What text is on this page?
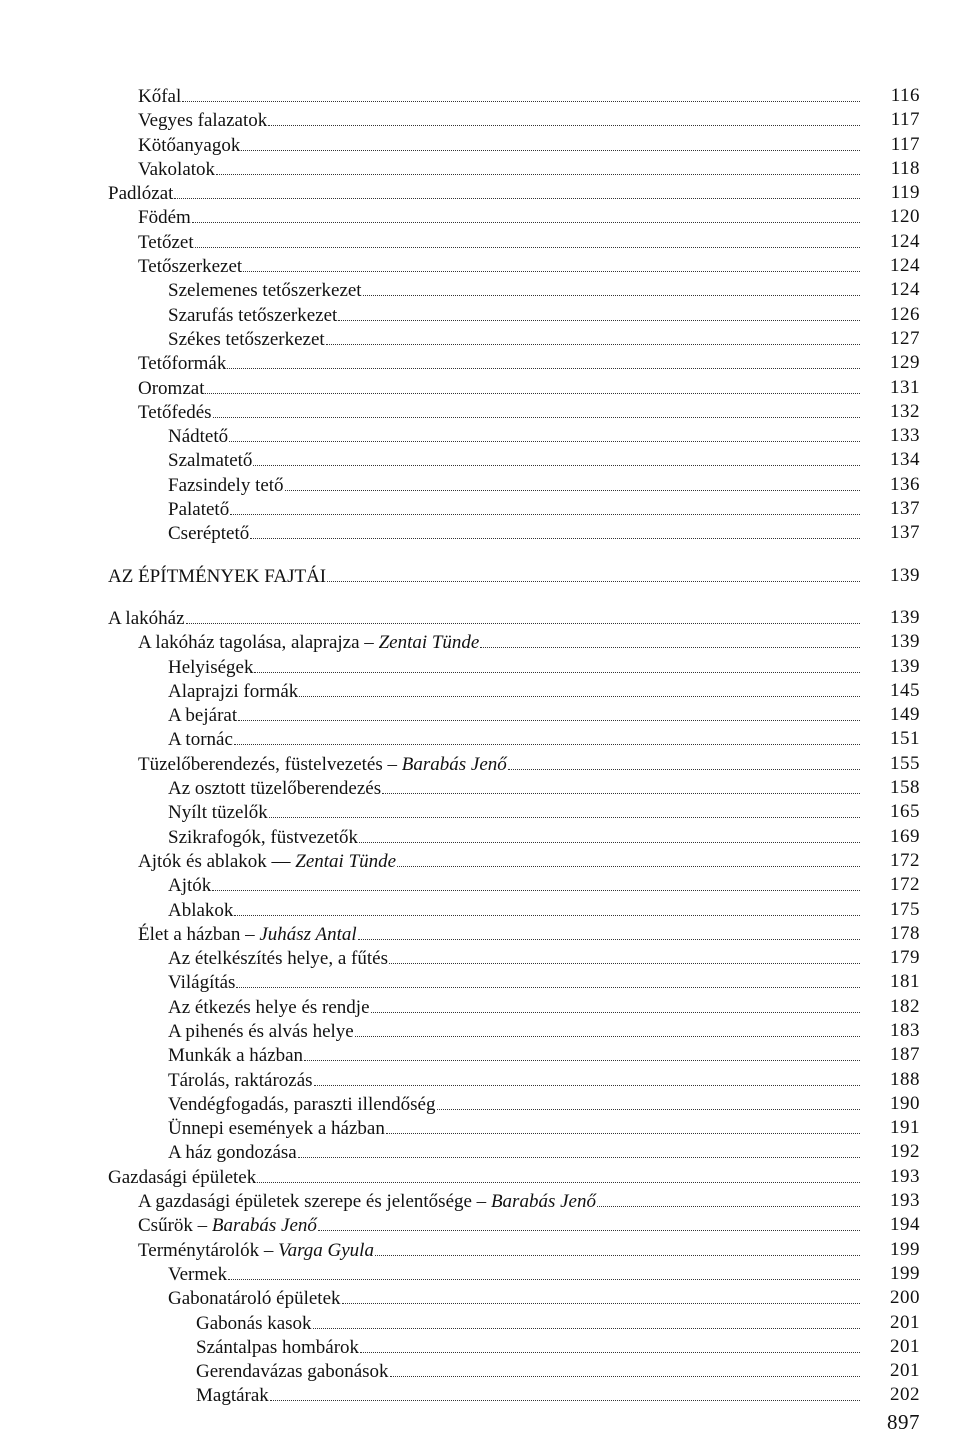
Kőfal	116
Vegyes falazatok	117
Kötőanyagok	117
Vakolatok	118
Padlózat	119
Födém	120
Tetőzet	124
Tetőszerkezet	124
Szelemenes tetőszerkezet	124
Szarufás tetőszerkezet	126
Székes tetőszerkezet	127
Tetőformák	129
Oromzat	131
Tetőfedés	132
Nádtető	133
Szalmatető	134
Fazsindely tető	136
Palatető	137
Cseréptető	137
AZ ÉPÍTMÉNYEK FAJTÁI	139
A lakóház	139
A lakóház tagolása, alaprajza – Zentai Tünde	139
Helyiségek	139
Alaprajzi formák	145
A bejárat	149
A tornác	151
Tüzelőberendezés, füstelvezetés – Barabás Jenő	155
Az osztott tüzelőberendezés	158
Nyílt tüzelők	165
Szikrafogók, füstvezetők	169
Ajtók és ablakok — Zentai Tünde	172
Ajtók	172
Ablakok	175
Élet a házban – Juhász Antal	178
Az ételkészítés helye, a fűtés	179
Világítás	181
Az étkezés helye és rendje	182
A pihenés és alvás helye	183
Munkák a házban	187
Tárolás, raktározás	188
Vendégfogadás, paraszti illendőség	190
Ünnepi események a házban	191
A ház gondozása	192
Gazdasági épületek	193
A gazdasági épületek szerepe és jelentősége – Barabás Jenő	193
Csűrök – Barabás Jenő	194
Terménytárolók – Varga Gyula	199
Vermek	199
Gabonatároló épületek	200
Gabonás kasok	201
Szántalpas hombárok	201
Gerendavázas gabonások	201
Magtárak	202
897
